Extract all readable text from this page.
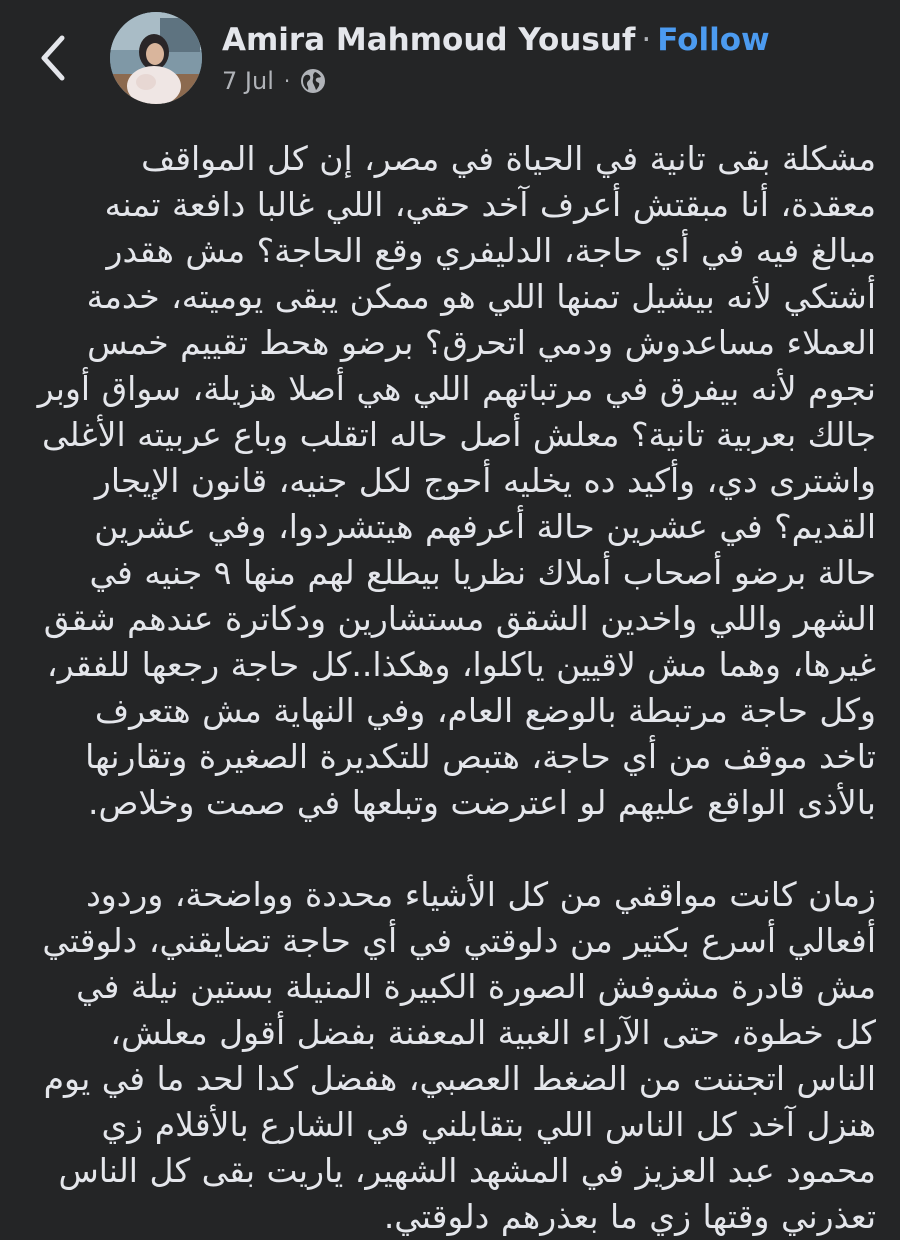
Amira Mahmoud Yousuf · Follow
7 Jul ·

مشكلة بقى تانية في الحياة في مصر، إن كل المواقف معقدة، أنا مبقتش أعرف آخد حقي، اللي غالبا دافعة تمنه مبالغ فيه في أي حاجة، الدليفري وقع الحاجة؟ مش هقدر أشتكي لأنه بيشيل تمنها اللي هو ممكن يبقى يوميته، خدمة العملاء مساعدوش ودمي اتحرق؟ برضو هحط تقييم خمس نجوم لأنه بيفرق في مرتباتهم اللي هي أصلا هزيلة، سواق أوبر جالك بعربية تانية؟ معلش أصل حاله اتقلب وباع عربيته الأغلى واشترى دي، وأكيد ده يخليه أحوج لكل جنيه، قانون الإيجار القديم؟ في عشرين حالة أعرفهم هيتشردوا، وفي عشرين حالة برضو أصحاب أملاك نظريا بيطلع لهم منها ٩ جنيه في الشهر واللي واخدين الشقق مستشارين ودكاترة عندهم شقق غيرها، وهما مش لاقيين ياكلوا، وهكذا..كل حاجة رجعها للفقر، وكل حاجة مرتبطة بالوضع العام، وفي النهاية مش هتعرف تاخد موقف من أي حاجة، هتبص للتكديرة الصغيرة وتقارنها بالأذى الواقع عليهم لو اعترضت وتبلعها في صمت وخلاص.

زمان كانت مواقفي من كل الأشياء محددة وواضحة، وردود أفعالي أسرع بكتير من دلوقتي في أي حاجة تضايقني، دلوقتي مش قادرة مشوفش الصورة الكبيرة المنيلة بستين نيلة في كل خطوة، حتى الآراء الغبية المعفنة بفضل أقول معلش، الناس اتجننت من الضغط العصبي، هفضل كدا لحد ما في يوم هنزل آخد كل الناس اللي بتقابلني في الشارع بالأقلام زي محمود عبد العزيز في المشهد الشهير، ياريت بقى كل الناس تعذرني وقتها زي ما بعذرهم دلوقتي.
